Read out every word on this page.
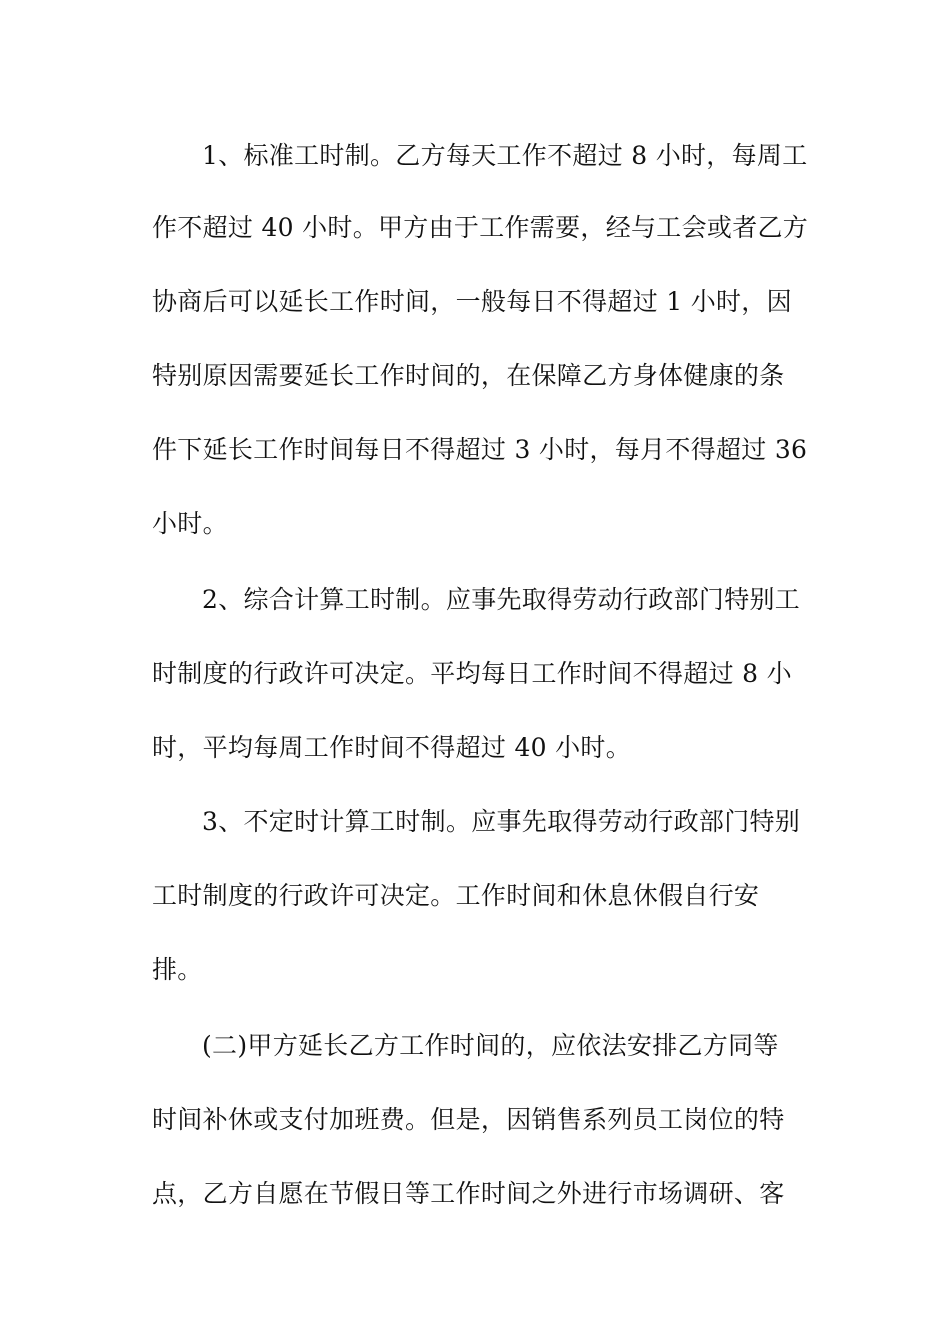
1、标准工时制。乙方每天工作不超过 8 小时，每周工
作不超过 40 小时。甲方由于工作需要，经与工会或者乙方
协商后可以延长工作时间，一般每日不得超过 1 小时，因
特别原因需要延长工作时间的，在保障乙方身体健康的条
件下延长工作时间每日不得超过 3 小时，每月不得超过 36
小时。
2、综合计算工时制。应事先取得劳动行政部门特别工
时制度的行政许可决定。平均每日工作时间不得超过 8 小
时，平均每周工作时间不得超过 40 小时。
3、不定时计算工时制。应事先取得劳动行政部门特别
工时制度的行政许可决定。工作时间和休息休假自行安
排。
(二)甲方延长乙方工作时间的，应依法安排乙方同等
时间补休或支付加班费。但是，因销售系列员工岗位的特
点，乙方自愿在节假日等工作时间之外进行市场调研、客
